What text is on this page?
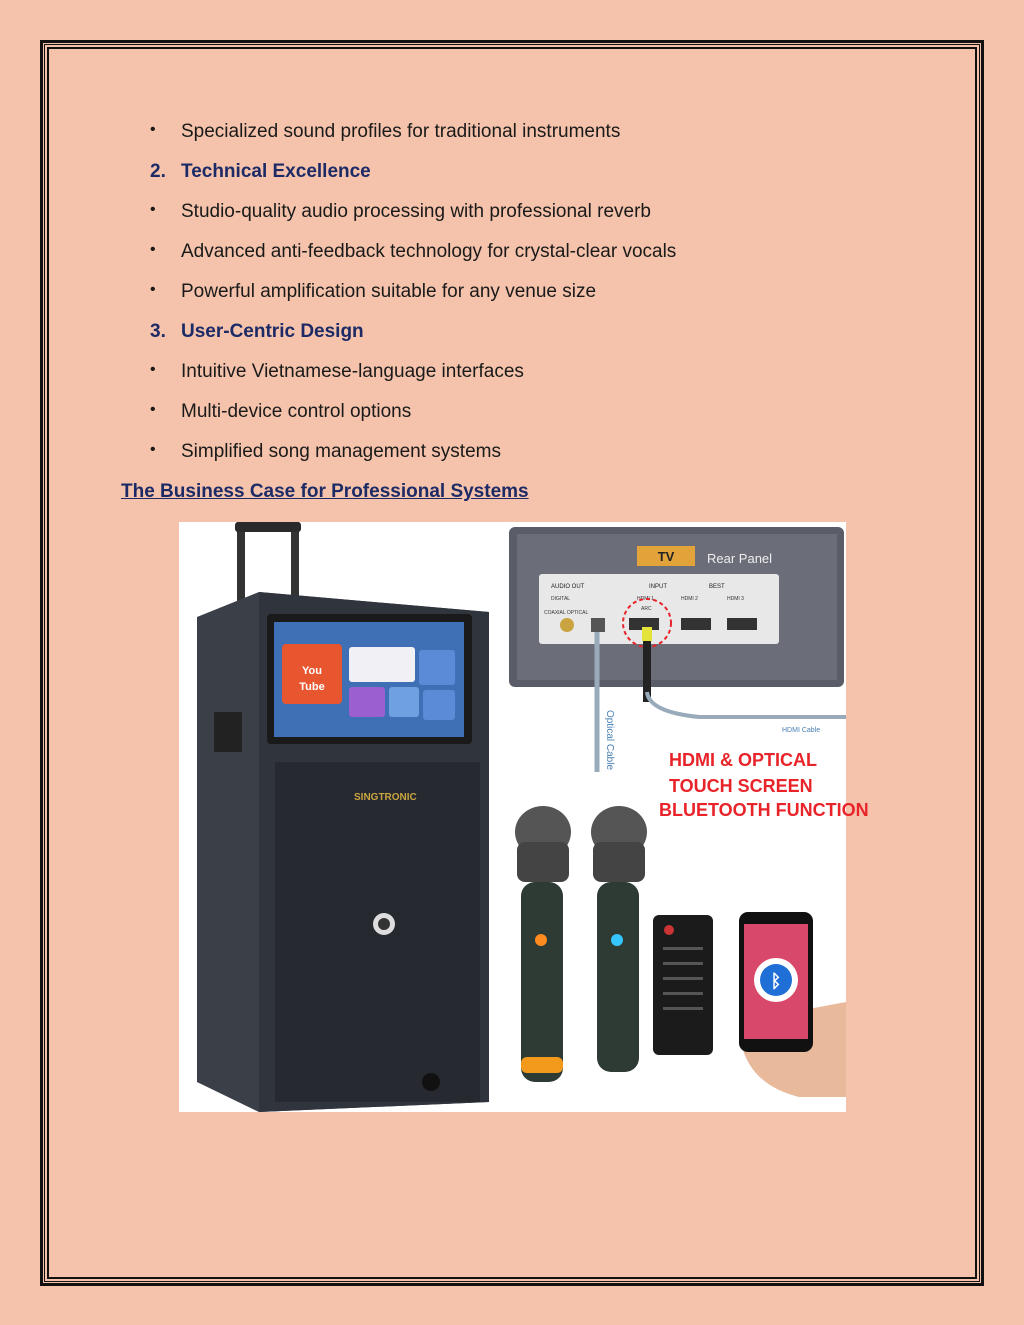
• Specialized sound profiles for traditional instruments
2. Technical Excellence
• Studio-quality audio processing with professional reverb
• Advanced anti-feedback technology for crystal-clear vocals
• Powerful amplification suitable for any venue size
3. User-Centric Design
• Intuitive Vietnamese-language interfaces
• Multi-device control options
• Simplified song management systems
The Business Case for Professional Systems
TV	Rear Panel
AUDIO OUT	INPUT	BEST
DIGITAL
COAXIAL OPTICAL
HDMI 1
ARC
HDMI 2	HDMI 3
Optical Cable	HDMI Cable
HDMI & OPTICAL
TOUCH SCREEN
BLUETOOTH FUNCTION
You
Tube
SINGTRONIC
ᛒ
